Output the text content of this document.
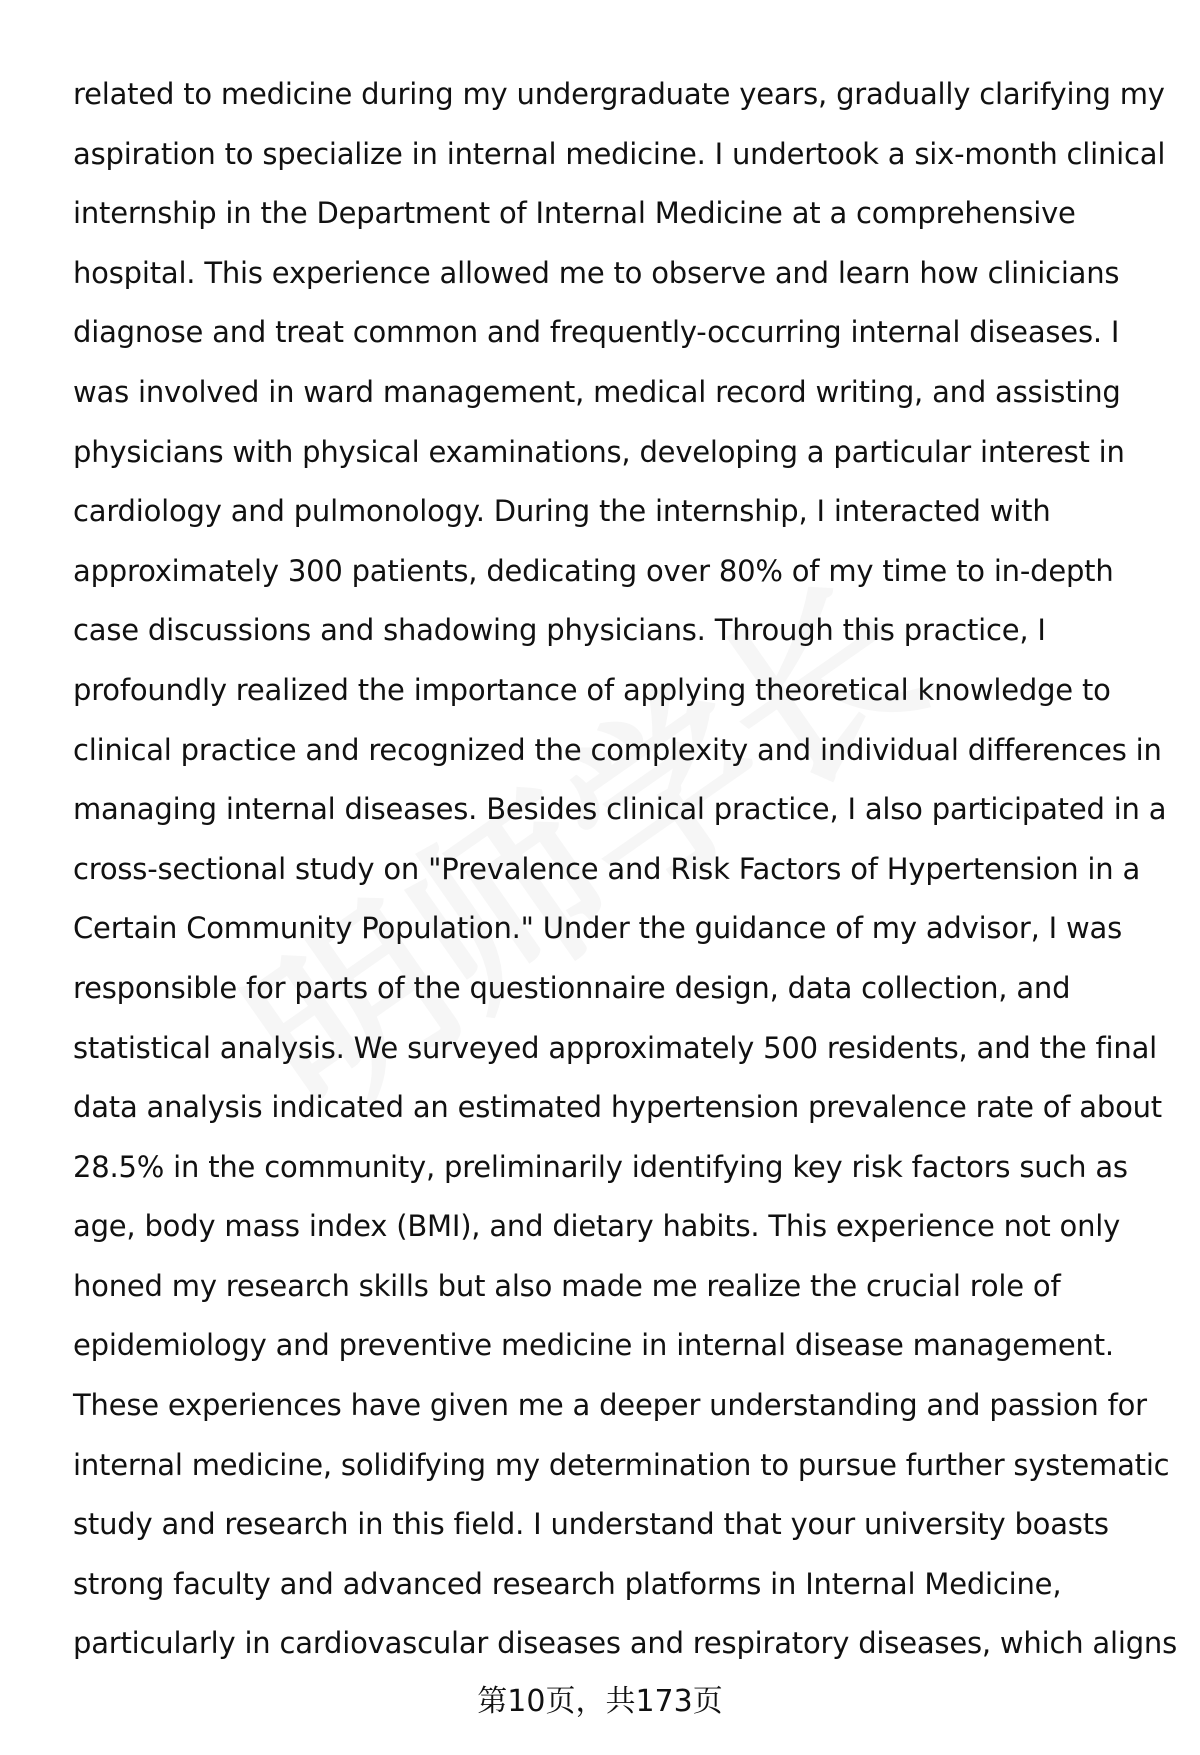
related to medicine during my undergraduate years, gradually clarifying my
aspiration to specialize in internal medicine. I undertook a six-month clinical
internship in the Department of Internal Medicine at a comprehensive
hospital. This experience allowed me to observe and learn how clinicians
diagnose and treat common and frequently-occurring internal diseases. I
was involved in ward management, medical record writing, and assisting
physicians with physical examinations, developing a particular interest in
cardiology and pulmonology. During the internship, I interacted with
approximately 300 patients, dedicating over 80% of my time to in-depth
case discussions and shadowing physicians. Through this practice, I
profoundly realized the importance of applying theoretical knowledge to
clinical practice and recognized the complexity and individual differences in
managing internal diseases. Besides clinical practice, I also participated in a
cross-sectional study on "Prevalence and Risk Factors of Hypertension in a
Certain Community Population." Under the guidance of my advisor, I was
responsible for parts of the questionnaire design, data collection, and
statistical analysis. We surveyed approximately 500 residents, and the final
data analysis indicated an estimated hypertension prevalence rate of about
28.5% in the community, preliminarily identifying key risk factors such as
age, body mass index (BMI), and dietary habits. This experience not only
honed my research skills but also made me realize the crucial role of
epidemiology and preventive medicine in internal disease management.
These experiences have given me a deeper understanding and passion for
internal medicine, solidifying my determination to pursue further systematic
study and research in this field. I understand that your university boasts
strong faculty and advanced research platforms in Internal Medicine,
particularly in cardiovascular diseases and respiratory diseases, which aligns
第10页，共173页
